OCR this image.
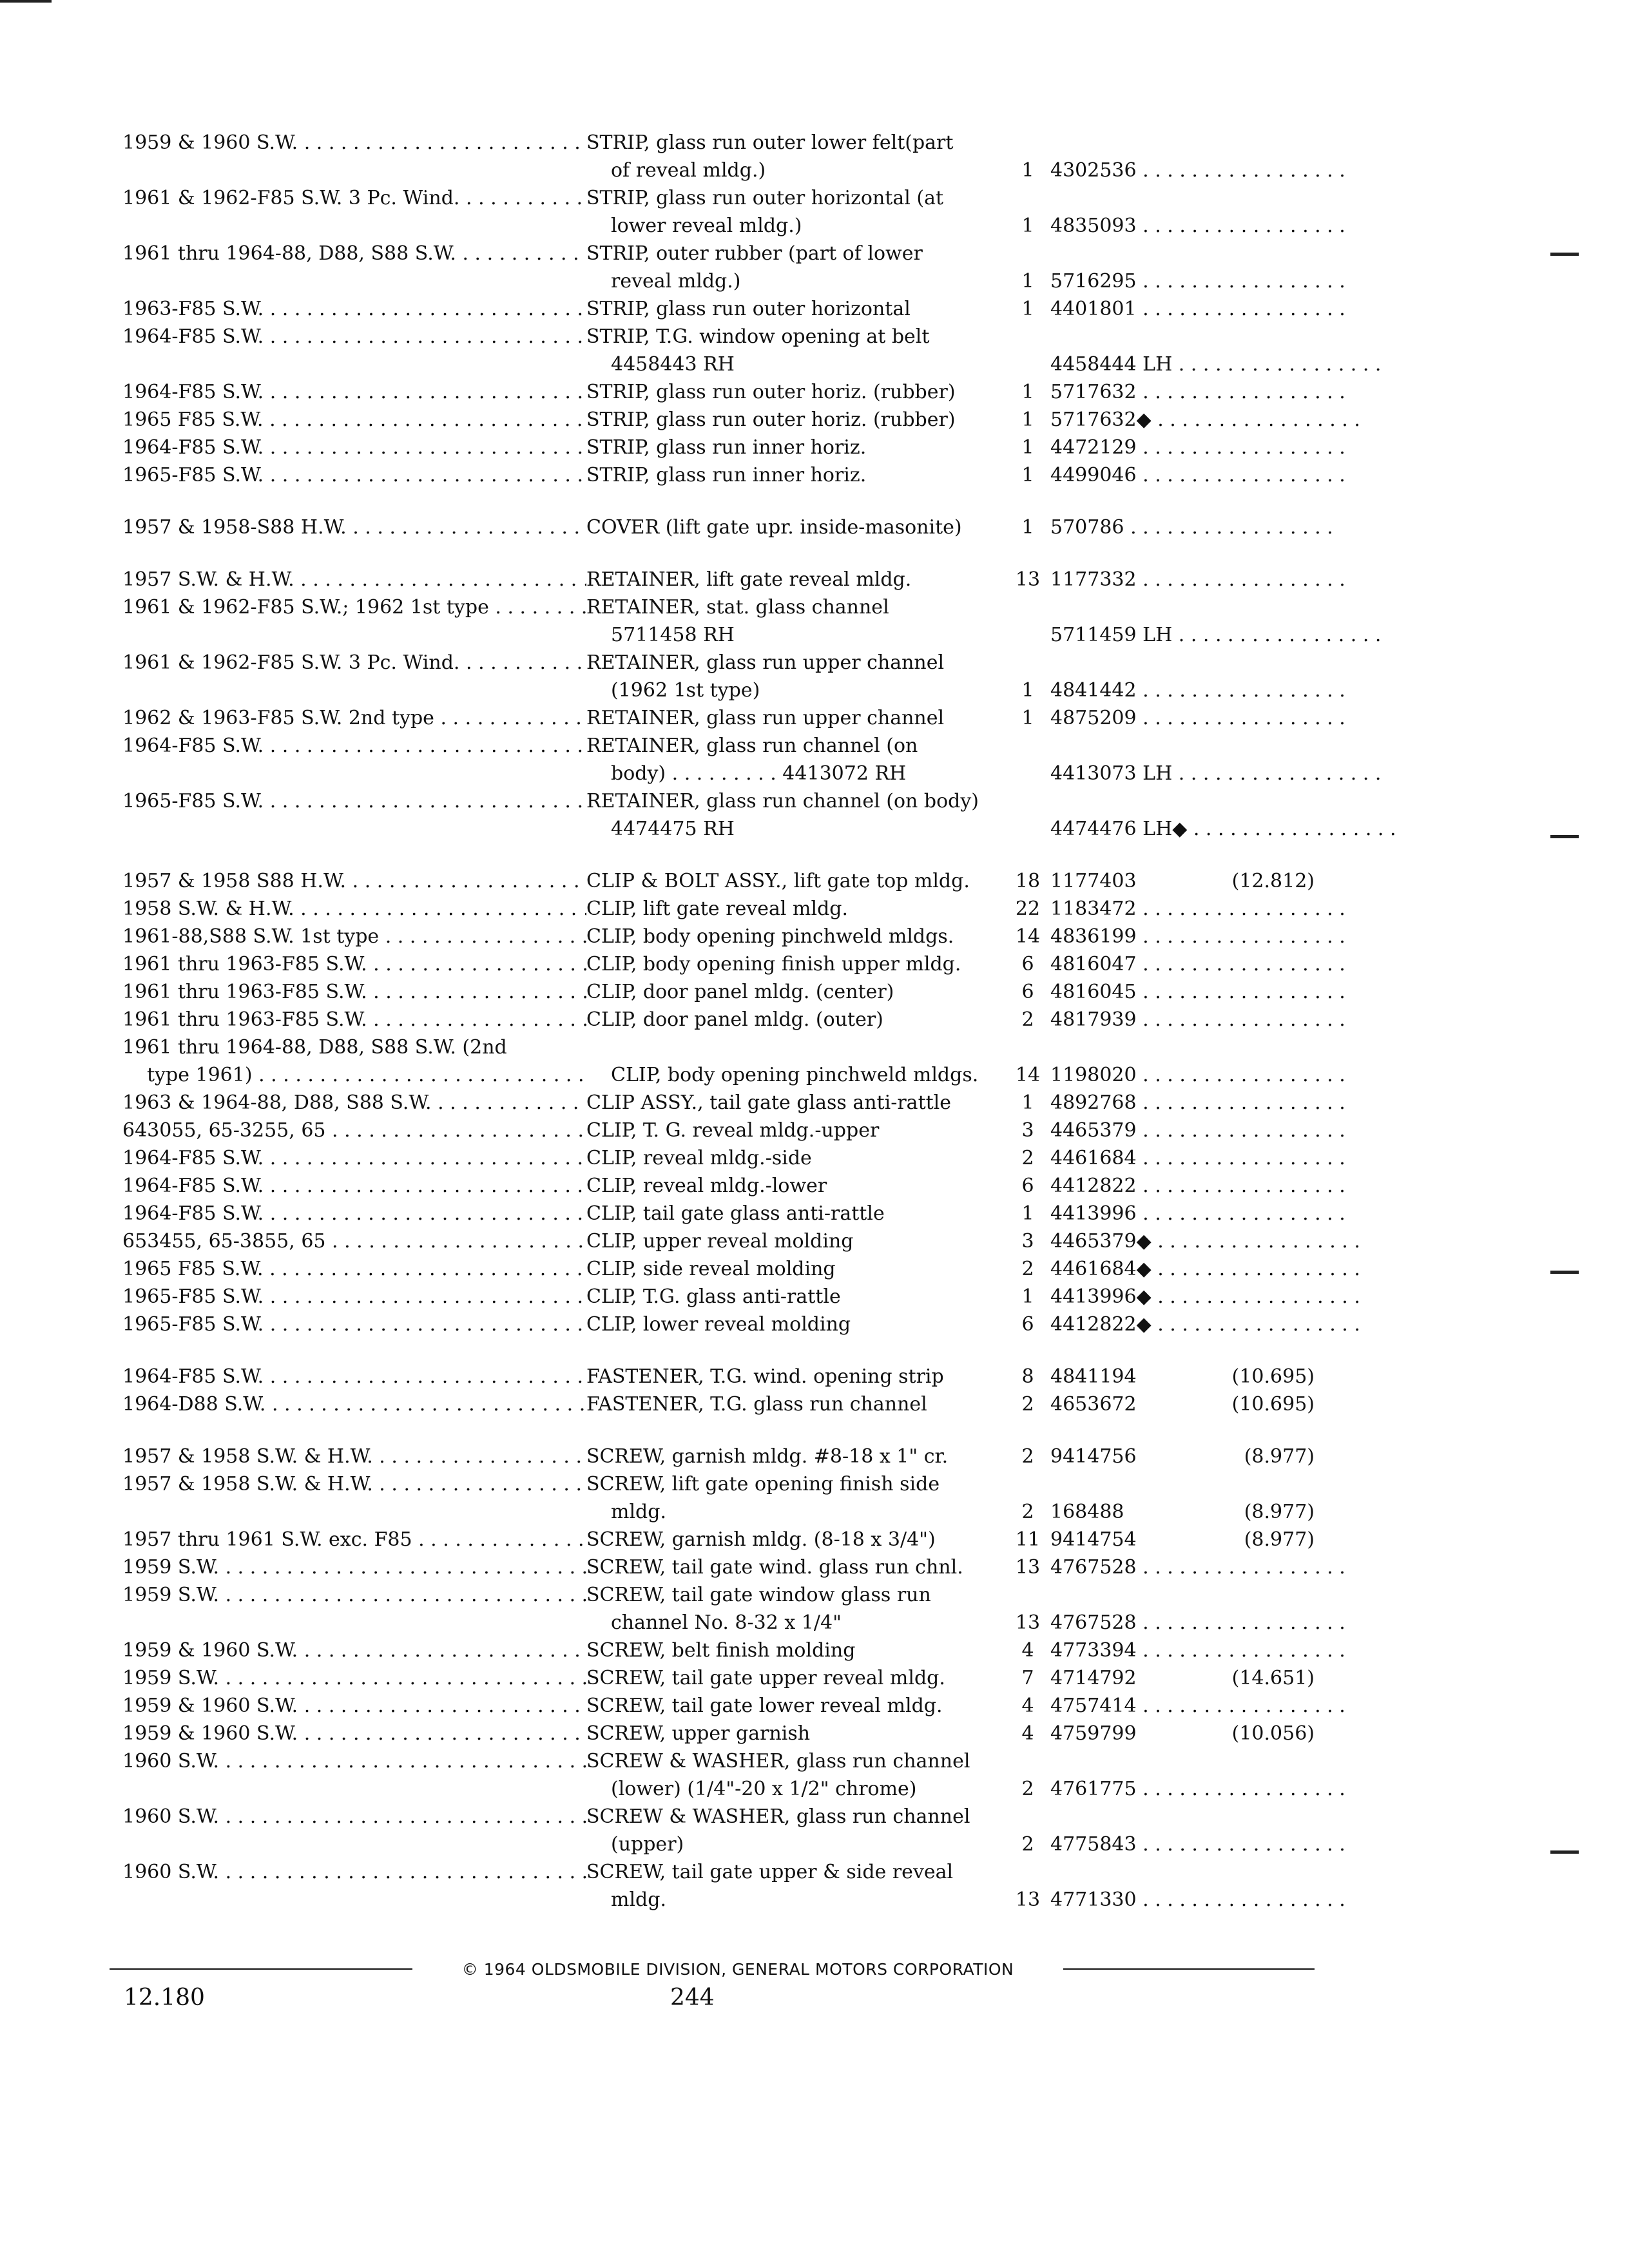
1959 & 1960 S.W. . . .	STRIP, glass run outer lower felt(part
of reveal mldg.)	1 4302536 . . .
1961 & 1962-F85 S.W. 3 Pc. Wind. . . .	STRIP, glass run outer horizontal (at
lower reveal mldg.)	1 4835093 . . .
1961 thru 1964-88, D88, S88 S.W. . . .	STRIP, outer rubber (part of lower
reveal mldg.)	1 5716295 . . .
1963-F85 S.W. . . .	STRIP, glass run outer horizontal	1 4401801 . . .
1964-F85 S.W. . . .	STRIP, T.G. window opening at belt
4458443 RH	4458444 LH . . .
1964-F85 S.W. . . .	STRIP, glass run outer horiz. (rubber)	1 5717632 . . .
1965 F85 S.W. . . .	STRIP, glass run outer horiz. (rubber)	1 5717632◆ . . .
1964-F85 S.W. . . .	STRIP, glass run inner horiz.	1 4472129 . . .
1965-F85 S.W. . . .	STRIP, glass run inner horiz.	1 4499046 . . .
1957 & 1958-S88 H.W. . . .	COVER (lift gate upr. inside-masonite)	1 570786 . . .
1957 S.W. & H.W. . . .	RETAINER, lift gate reveal mldg.	13 1177332 . . .
1961 & 1962-F85 S.W.; 1962 1st type . . .	RETAINER, stat. glass channel
5711458 RH	5711459 LH . . .
1961 & 1962-F85 S.W. 3 Pc. Wind. . . .	RETAINER, glass run upper channel
(1962 1st type)	1 4841442 . . .
1962 & 1963-F85 S.W. 2nd type . . .	RETAINER, glass run upper channel	1 4875209 . . .
1964-F85 S.W. . . .	RETAINER, glass run channel (on
body) . . . . . . . . . 4413072 RH	4413073 LH . . .
1965-F85 S.W. . . .	RETAINER, glass run channel (on body)
4474475 RH	4474476 LH◆ . . .
1957 & 1958 S88 H.W. . . .	CLIP & BOLT ASSY., lift gate top mldg.	18 1177403	(12.812)
1958 S.W. & H.W. . . .	CLIP, lift gate reveal mldg.	22 1183472 . . .
1961-88,S88 S.W. 1st type . . .	CLIP, body opening pinchweld mldgs.	14 4836199 . . .
1961 thru 1963-F85 S.W. . . .	CLIP, body opening finish upper mldg.	6 4816047 . . .
1961 thru 1963-F85 S.W. . . .	CLIP, door panel mldg. (center)	6 4816045 . . .
1961 thru 1963-F85 S.W. . . .	CLIP, door panel mldg. (outer)	2 4817939 . . .
1961 thru 1964-88, D88, S88 S.W. (2nd
type 1961) . . .
	CLIP, body opening pinchweld mldgs.	14 1198020 . . .
1963 & 1964-88, D88, S88 S.W. . . .	CLIP ASSY., tail gate glass anti-rattle	1 4892768 . . .
643055, 65-3255, 65 . . .	CLIP, T. G. reveal mldg.-upper	3 4465379 . . .
1964-F85 S.W. . . .	CLIP, reveal mldg.-side	2 4461684 . . .
1964-F85 S.W. . . .	CLIP, reveal mldg.-lower	6 4412822 . . .
1964-F85 S.W. . . .	CLIP, tail gate glass anti-rattle	1 4413996 . . .
653455, 65-3855, 65 . . .	CLIP, upper reveal molding	3 4465379◆ . . .
1965 F85 S.W. . . .	CLIP, side reveal molding	2 4461684◆ . . .
1965-F85 S.W. . . .	CLIP, T.G. glass anti-rattle	1 4413996◆ . . .
1965-F85 S.W. . . .	CLIP, lower reveal molding	6 4412822◆ . . .
1964-F85 S.W. . . .	FASTENER, T.G. wind. opening strip	8 4841194	(10.695)
1964-D88 S.W. . . .	FASTENER, T.G. glass run channel	2 4653672	(10.695)
1957 & 1958 S.W. & H.W. . . .	SCREW, garnish mldg. #8-18 x 1" cr.	2 9414756	(8.977)
1957 & 1958 S.W. & H.W. . . .	SCREW, lift gate opening finish side
mldg.	2 168488	(8.977)
1957 thru 1961 S.W. exc. F85 . . .	SCREW, garnish mldg. (8-18 x 3/4")	11 9414754	(8.977)
1959 S.W. . . .	SCREW, tail gate wind. glass run chnl.	13 4767528 . . .
1959 S.W. . . .	SCREW, tail gate window glass run
channel No. 8-32 x 1/4"	13 4767528 . . .
1959 & 1960 S.W. . . .	SCREW, belt finish molding	4 4773394 . . .
1959 S.W. . . .	SCREW, tail gate upper reveal mldg.	7 4714792	(14.651)
1959 & 1960 S.W. . . .	SCREW, tail gate lower reveal mldg.	4 4757414 . . .
1959 & 1960 S.W. . . .	SCREW, upper garnish	4 4759799	(10.056)
1960 S.W. . . .	SCREW & WASHER, glass run channel
(lower) (1/4"-20 x 1/2" chrome)	2 4761775 . . .
1960 S.W. . . .	SCREW & WASHER, glass run channel
(upper)	2 4775843 . . .
1960 S.W. . . .	SCREW, tail gate upper & side reveal
mldg.	13 4771330 . . .
© 1964 OLDSMOBILE DIVISION, GENERAL MOTORS CORPORATION
12.180	244
